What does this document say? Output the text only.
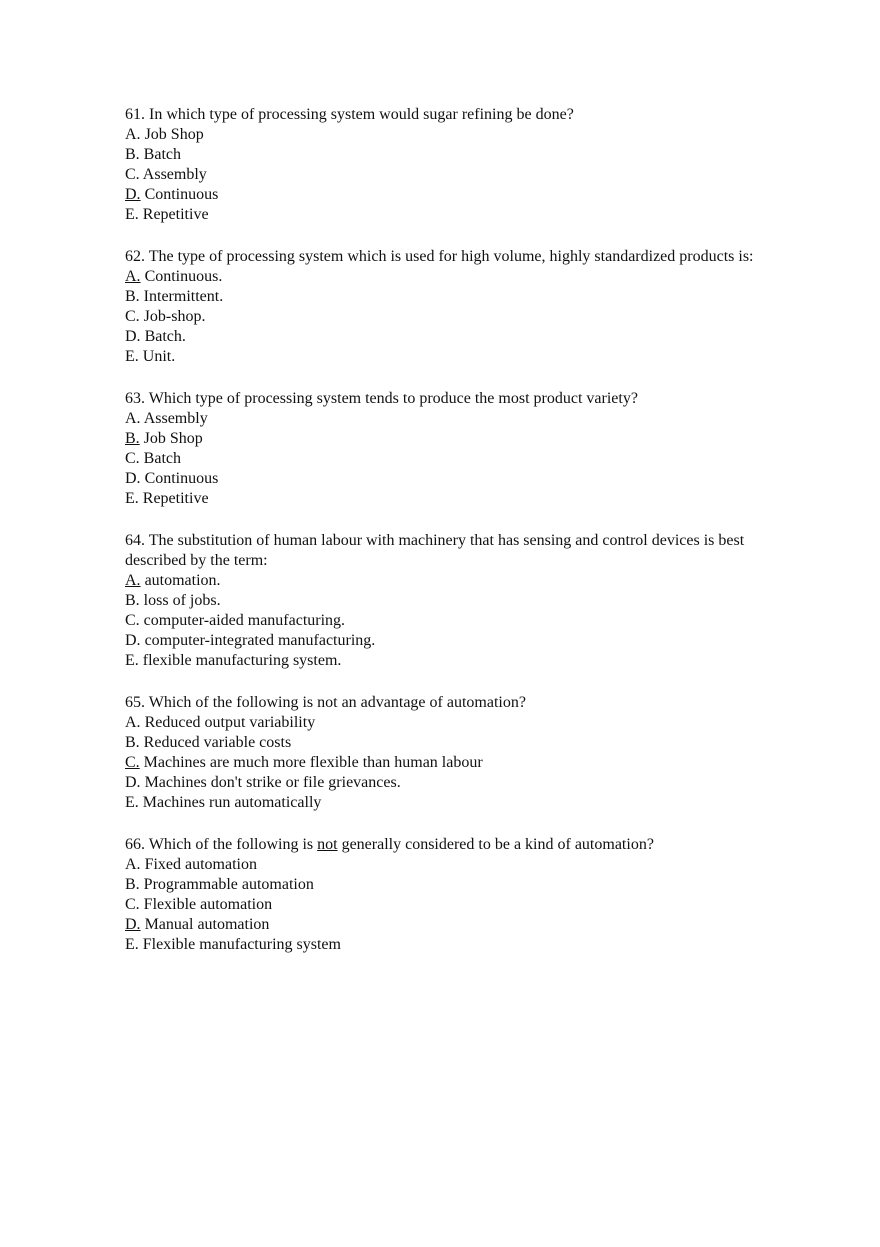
61. In which type of processing system would sugar refining be done?

A. Job Shop

B. Batch

C. Assembly

D. Continuous

E. Repetitive

62. The type of processing system which is used for high volume, highly standardized products is:

A. Continuous.

B. Intermittent.

C. Job-shop.

D. Batch.

E. Unit.

63. Which type of processing system tends to produce the most product variety?

A. Assembly

B. Job Shop

C. Batch

D. Continuous

E. Repetitive

64. The substitution of human labour with machinery that has sensing and control devices is best described by the term:

A. automation.

B. loss of jobs.

C. computer-aided manufacturing.

D. computer-integrated manufacturing.

E. flexible manufacturing system.

65. Which of the following is not an advantage of automation?

A. Reduced output variability

B. Reduced variable costs

C. Machines are much more flexible than human labour

D. Machines don't strike or file grievances.

E. Machines run automatically

66. Which of the following is not generally considered to be a kind of automation?

A. Fixed automation

B. Programmable automation

C. Flexible automation

D. Manual automation

E. Flexible manufacturing system
